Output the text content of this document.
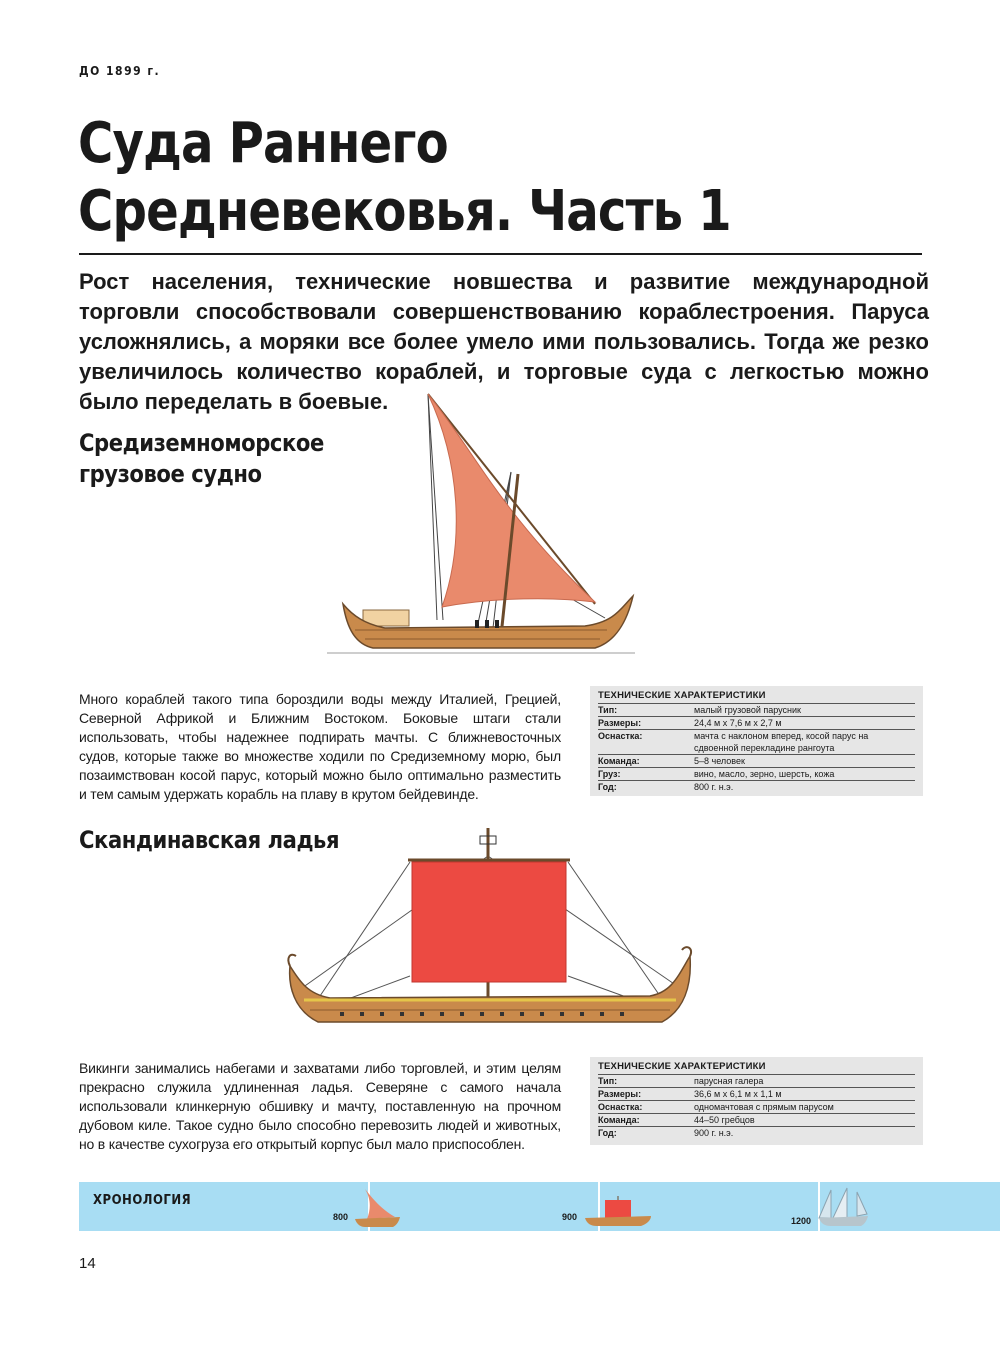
ДО 1899 г.
Суда Раннего
Средневековья. Часть 1

Рост населения, технические новшества и развитие международной торговли способствовали совершенствованию кораблестроения. Паруса усложнялись, а моряки все более умело ими пользовались. Тогда же резко увеличилось количество кораблей, и торговые суда с легкостью можно было переделать в боевые.

Средиземноморское
грузовое судно

Много кораблей такого типа бороздили воды между Италией, Грецией, Северной Африкой и Ближним Востоком. Боковые штаги стали использовать, чтобы надежнее подпирать мачты. С ближневосточных судов, которые также во множестве ходили по Средиземному морю, был позаимствован косой парус, который можно было оптимально разместить и тем самым удержать корабль на плаву в крутом бейдевинде.

ТЕХНИЧЕСКИЕ ХАРАКТЕРИСТИКИ
Тип:	малый грузовой парусник
Размеры:	24,4 м х 7,6 м х 2,7 м
Оснастка:	мачта с наклоном вперед, косой парус на сдвоенной перекладине рангоута
Команда:	5–8 человек
Груз:	вино, масло, зерно, шерсть, кожа
Год:	800 г. н.э.
Скандинавская ладья

Викинги занимались набегами и захватами либо торговлей, и этим целям прекрасно служила удлиненная ладья. Северяне с самого начала использовали клинкерную обшивку и мачту, поставленную на прочном дубовом киле. Такое судно было способно перевозить людей и животных, но в качестве сухогруза его открытый корпус был мало приспособлен.

ТЕХНИЧЕСКИЕ ХАРАКТЕРИСТИКИ
Тип:	парусная галера
Размеры:	36,6 м х 6,1 м х 1,1 м
Оснастка:	одномачтовая с прямым парусом
Команда:	44–50 гребцов
Год:	900 г. н.э.
ХРОНОЛОГИЯ
800	900	1200
14
